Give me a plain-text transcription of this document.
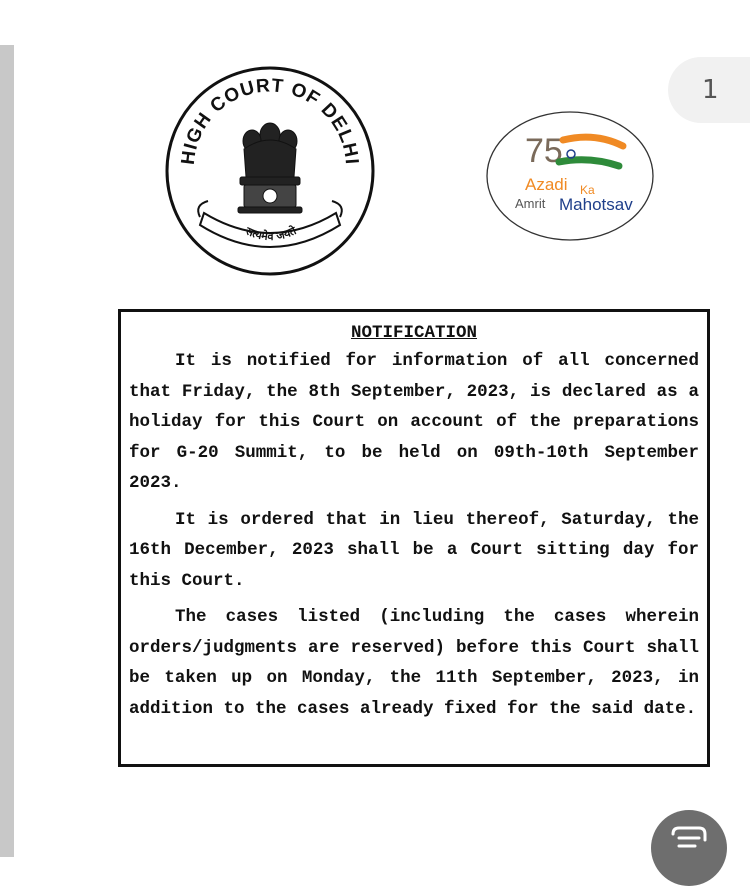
1
HIGH COURT OF DELHI
सत्यमेव जयते
75
Azadi Ka
Amrit Mahotsav

NOTIFICATION

It is notified for information of all concerned that Friday, the 8th September, 2023, is declared as a holiday for this Court on account of the preparations for G-20 Summit, to be held on 09th-10th September 2023.

It is ordered that in lieu thereof, Saturday, the 16th December, 2023 shall be a Court sitting day for this Court.

The cases listed (including the cases wherein orders/judgments are reserved) before this Court shall be taken up on Monday, the 11th September, 2023, in addition to the cases already fixed for the said date.
